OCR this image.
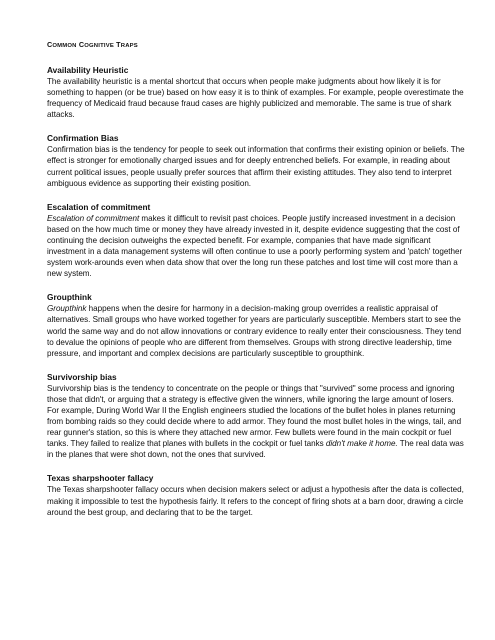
COMMON COGNITIVE TRAPS
Availability Heuristic

The availability heuristic is a mental shortcut that occurs when people make judgments about how likely it is for something to happen (or be true) based on how easy it is to think of examples. For example, people overestimate the frequency of Medicaid fraud because fraud cases are highly publicized and memorable. The same is true of shark attacks.

Confirmation Bias

Confirmation bias is the tendency for people to seek out information that confirms their existing opinion or beliefs. The effect is stronger for emotionally charged issues and for deeply entrenched beliefs. For example, in reading about current political issues, people usually prefer sources that affirm their existing attitudes. They also tend to interpret ambiguous evidence as supporting their existing position.

Escalation of commitment

Escalation of commitment makes it difficult to revisit past choices. People justify increased investment in a decision based on the how much time or money they have already invested in it, despite evidence suggesting that the cost of continuing the decision outweighs the expected benefit. For example, companies that have made significant investment in a data management systems will often continue to use a poorly performing system and 'patch' together system work-arounds even when data show that over the long run these patches and lost time will cost more than a new system.

Groupthink

Groupthink happens when the desire for harmony in a decision-making group overrides a realistic appraisal of alternatives. Small groups who have worked together for years are particularly susceptible. Members start to see the world the same way and do not allow innovations or contrary evidence to really enter their consciousness. They tend to devalue the opinions of people who are different from themselves. Groups with strong directive leadership, time pressure, and important and complex decisions are particularly susceptible to groupthink.

Survivorship bias

Survivorship bias is the tendency to concentrate on the people or things that "survived" some process and ignoring those that didn't, or arguing that a strategy is effective given the winners, while ignoring the large amount of losers. For example, During World War II the English engineers studied the locations of the bullet holes in planes returning from bombing raids so they could decide where to add armor. They found the most bullet holes in the wings, tail, and rear gunner's station, so this is where they attached new armor. Few bullets were found in the main cockpit or fuel tanks. They failed to realize that planes with bullets in the cockpit or fuel tanks didn't make it home. The real data was in the planes that were shot down, not the ones that survived.

Texas sharpshooter fallacy

The Texas sharpshooter fallacy occurs when decision makers select or adjust a hypothesis after the data is collected, making it impossible to test the hypothesis fairly. It refers to the concept of firing shots at a barn door, drawing a circle around the best group, and declaring that to be the target.
